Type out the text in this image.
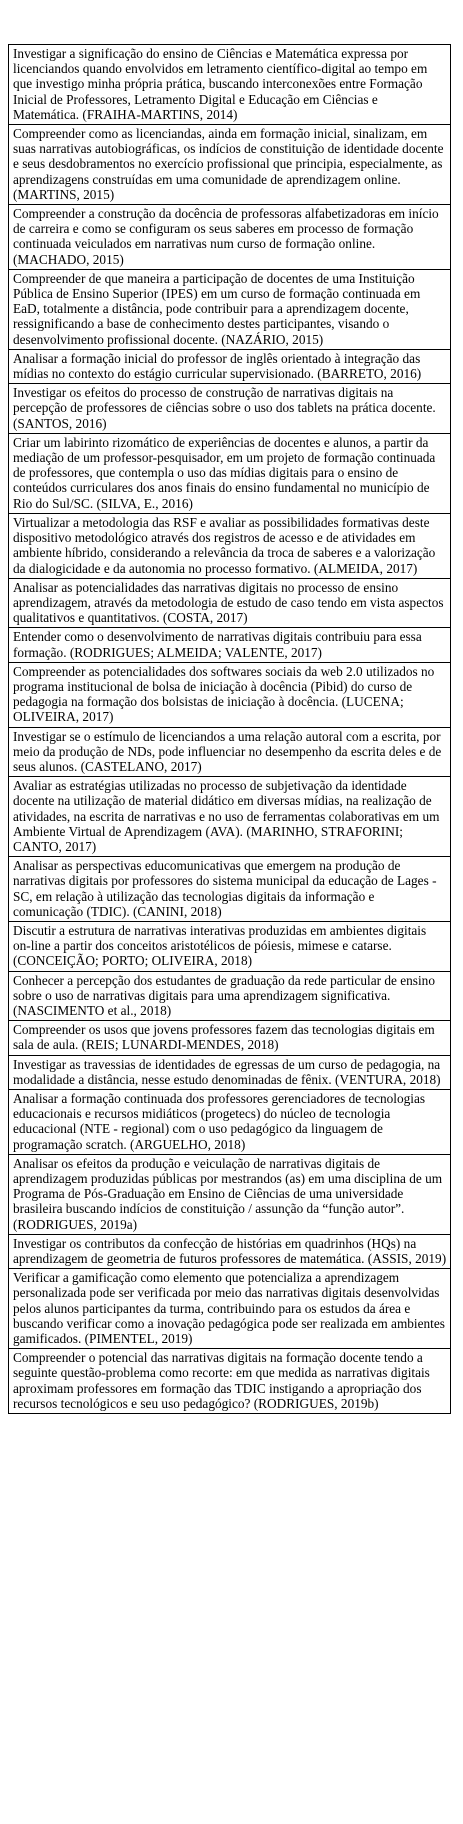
Investigar a significação do ensino de Ciências e Matemática expressa por licenciandos quando envolvidos em letramento científico-digital ao tempo em que investigo minha própria prática, buscando interconexões entre Formação Inicial de Professores, Letramento Digital e Educação em Ciências e Matemática. (FRAIHA-MARTINS, 2014)
Compreender como as licenciandas, ainda em formação inicial, sinalizam, em suas narrativas autobiográficas, os indícios de constituição de identidade docente e seus desdobramentos no exercício profissional que principia, especialmente, as aprendizagens construídas em uma comunidade de aprendizagem online. (MARTINS, 2015)
Compreender a construção da docência de professoras alfabetizadoras em início de carreira e como se configuram os seus saberes em processo de formação continuada veiculados em narrativas num curso de formação online. (MACHADO, 2015)
Compreender de que maneira a participação de docentes de uma Instituição Pública de Ensino Superior (IPES) em um curso de formação continuada em EaD, totalmente a distância, pode contribuir para a aprendizagem docente, ressignificando a base de conhecimento destes participantes, visando o desenvolvimento profissional docente. (NAZÁRIO, 2015)
Analisar a formação inicial do professor de inglês orientado à integração das mídias no contexto do estágio curricular supervisionado. (BARRETO, 2016)
Investigar os efeitos do processo de construção de narrativas digitais na percepção de professores de ciências sobre o uso dos tablets na prática docente. (SANTOS, 2016)
Criar um labirinto rizomático de experiências de docentes e alunos, a partir da mediação de um professor-pesquisador, em um projeto de formação continuada de professores, que contempla o uso das mídias digitais para o ensino de conteúdos curriculares dos anos finais do ensino fundamental no município de Rio do Sul/SC. (SILVA, E., 2016)
Virtualizar a metodologia das RSF e avaliar as possibilidades formativas deste dispositivo metodológico através dos registros de acesso e de atividades em ambiente híbrido, considerando a relevância da troca de saberes e a valorização da dialogicidade e da autonomia no processo formativo. (ALMEIDA, 2017)
Analisar as potencialidades das narrativas digitais no processo de ensino aprendizagem, através da metodologia de estudo de caso tendo em vista aspectos qualitativos e quantitativos. (COSTA, 2017)
Entender como o desenvolvimento de narrativas digitais contribuiu para essa formação. (RODRIGUES; ALMEIDA; VALENTE, 2017)
Compreender as potencialidades dos softwares sociais da web 2.0 utilizados no programa institucional de bolsa de iniciação à docência (Pibid) do curso de pedagogia na formação dos bolsistas de iniciação à docência. (LUCENA; OLIVEIRA, 2017)
Investigar se o estímulo de licenciandos a uma relação autoral com a escrita, por meio da produção de NDs, pode influenciar no desempenho da escrita deles e de seus alunos. (CASTELANO, 2017)
Avaliar as estratégias utilizadas no processo de subjetivação da identidade docente na utilização de material didático em diversas mídias, na realização de atividades, na escrita de narrativas e no uso de ferramentas colaborativas em um Ambiente Virtual de Aprendizagem (AVA). (MARINHO, STRAFORINI; CANTO, 2017)
Analisar as perspectivas educomunicativas que emergem na produção de narrativas digitais por professores do sistema municipal da educação de Lages - SC, em relação à utilização das tecnologias digitais da informação e comunicação (TDIC). (CANINI, 2018)
Discutir a estrutura de narrativas interativas produzidas em ambientes digitais on-line a partir dos conceitos aristotélicos de póiesis, mimese e catarse. (CONCEIÇÃO; PORTO; OLIVEIRA, 2018)
Conhecer a percepção dos estudantes de graduação da rede particular de ensino sobre o uso de narrativas digitais para uma aprendizagem significativa. (NASCIMENTO et al., 2018)
Compreender os usos que jovens professores fazem das tecnologias digitais em sala de aula. (REIS; LUNARDI-MENDES, 2018)
Investigar as travessias de identidades de egressas de um curso de pedagogia, na modalidade a distância, nesse estudo denominadas de fênix. (VENTURA, 2018)
Analisar a formação continuada dos professores gerenciadores de tecnologias educacionais e recursos midiáticos (progetecs) do núcleo de tecnologia educacional (NTE - regional) com o uso pedagógico da linguagem de programação scratch. (ARGUELHO, 2018)
Analisar os efeitos da produção e veiculação de narrativas digitais de aprendizagem produzidas públicas por mestrandos (as) em uma disciplina de um Programa de Pós-Graduação em Ensino de Ciências de uma universidade brasileira buscando indícios de constituição / assunção da “função autor”. (RODRIGUES, 2019a)
Investigar os contributos da confecção de histórias em quadrinhos (HQs) na aprendizagem de geometria de futuros professores de matemática. (ASSIS, 2019)
Verificar a gamificação como elemento que potencializa a aprendizagem personalizada pode ser verificada por meio das narrativas digitais desenvolvidas pelos alunos participantes da turma, contribuindo para os estudos da área e buscando verificar como a inovação pedagógica pode ser realizada em ambientes gamificados. (PIMENTEL, 2019)
Compreender o potencial das narrativas digitais na formação docente tendo a seguinte questão-problema como recorte: em que medida as narrativas digitais aproximam professores em formação das TDIC instigando a apropriação dos recursos tecnológicos e seu uso pedagógico? (RODRIGUES, 2019b)
